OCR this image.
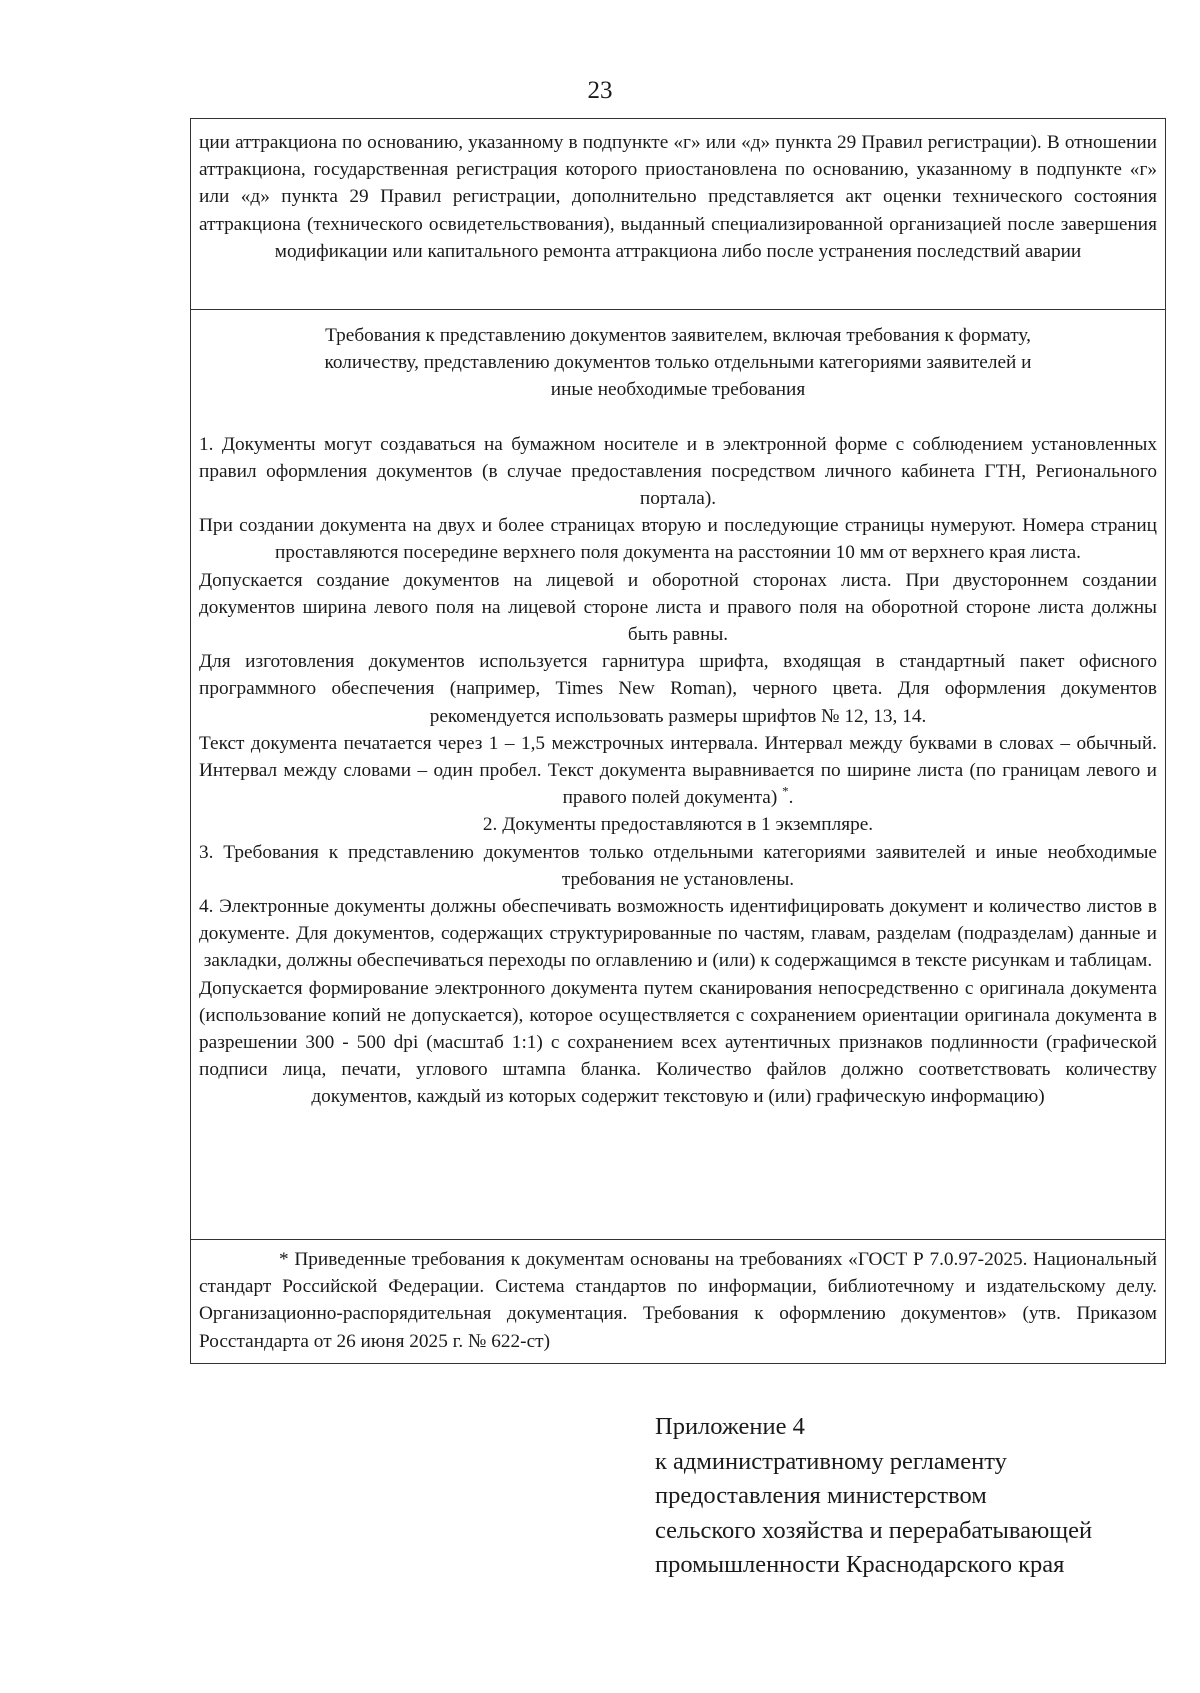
23

ции аттракциона по основанию, указанному в подпункте «г» или «д» пункта 29 Правил регистрации). В отношении аттракциона, государственная регистрация которого приостановлена по основанию, указанному в подпункте «г» или «д» пункта 29 Правил регистрации, дополнительно представляется акт оценки технического состояния аттракциона (технического освидетельствования), выданный специализированной организацией после завершения модификации или капитального ремонта аттракциона либо после устранения последствий аварии

Требования к представлению документов заявителем, включая требования к формату, количеству, представлению документов только отдельными категориями заявителей и иные необходимые требования

1. Документы могут создаваться на бумажном носителе и в электронной форме с соблюдением установленных правил оформления документов (в случае предоставления посредством личного кабинета ГТН, Регионального портала).

При создании документа на двух и более страницах вторую и последующие страницы нумеруют. Номера страниц проставляются посередине верхнего поля документа на расстоянии 10 мм от верхнего края листа.

Допускается создание документов на лицевой и оборотной сторонах листа. При двустороннем создании документов ширина левого поля на лицевой стороне листа и правого поля на оборотной стороне листа должны быть равны.

Для изготовления документов используется гарнитура шрифта, входящая в стандартный пакет офисного программного обеспечения (например, Times New Roman), черного цвета. Для оформления документов рекомендуется использовать размеры шрифтов № 12, 13, 14.

Текст документа печатается через 1 – 1,5 межстрочных интервала. Интервал между буквами в словах – обычный. Интервал между словами – один пробел. Текст документа выравнивается по ширине листа (по границам левого и правого полей документа) *.

2. Документы предоставляются в 1 экземпляре.

3. Требования к представлению документов только отдельными категориями заявителей и иные необходимые требования не установлены.

4. Электронные документы должны обеспечивать возможность идентифицировать документ и количество листов в документе. Для документов, содержащих структурированные по частям, главам, разделам (подразделам) данные и закладки, должны обеспечиваться переходы по оглавлению и (или) к содержащимся в тексте рисункам и таблицам.

Допускается формирование электронного документа путем сканирования непосредственно с оригинала документа (использование копий не допускается), которое осуществляется с сохранением ориентации оригинала документа в разрешении 300 - 500 dpi (масштаб 1:1) с сохранением всех аутентичных признаков подлинности (графической подписи лица, печати, углового штампа бланка. Количество файлов должно соответствовать количеству документов, каждый из которых содержит текстовую и (или) графическую информацию)

* Приведенные требования к документам основаны на требованиях «ГОСТ Р 7.0.97-2025. Национальный стандарт Российской Федерации. Система стандартов по информации, библиотечному и издательскому делу. Организационно-распорядительная документация. Требования к оформлению документов» (утв. Приказом Росстандарта от 26 июня 2025 г. № 622-ст)

Приложение 4
к административному регламенту
предоставления министерством
сельского хозяйства и перерабатывающей
промышленности Краснодарского края
